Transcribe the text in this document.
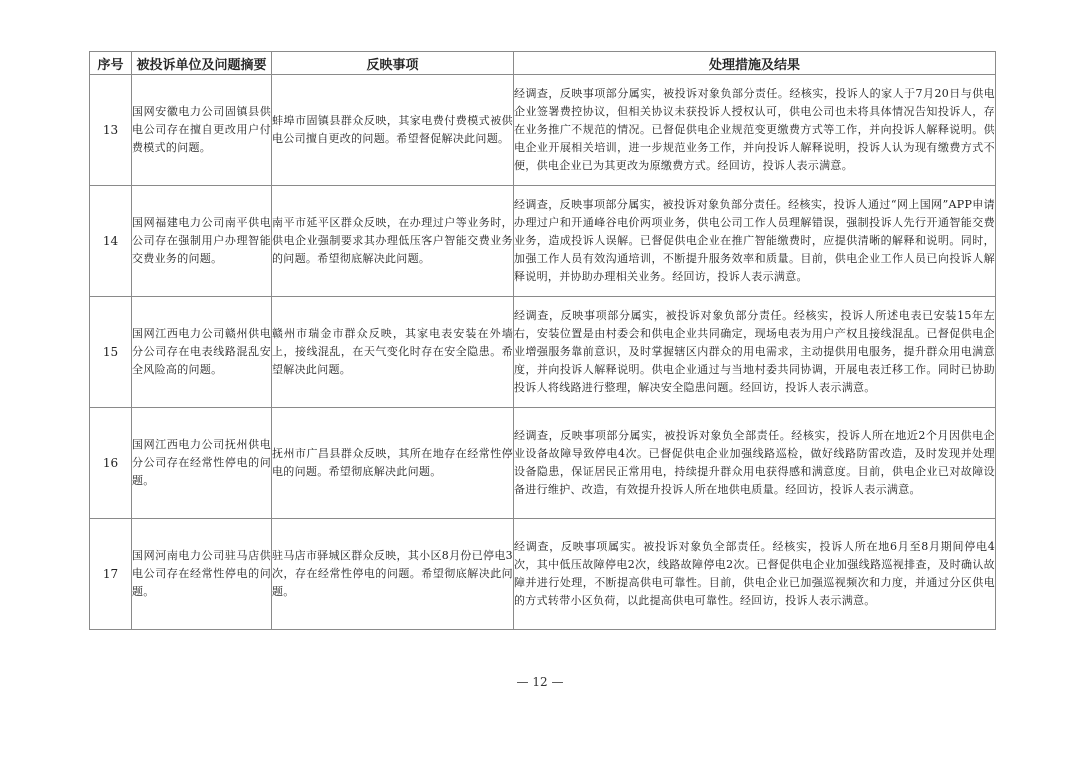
序号	被投诉单位及问题摘要	反映事项	处理措施及结果
13	国网安徽电力公司固镇县供电公司存在擅自更改用户付费模式的问题。	蚌埠市固镇县群众反映，其家电费付费模式被供电公司擅自更改的问题。希望督促解决此问题。	经调查，反映事项部分属实，被投诉对象负部分责任。经核实，投诉人的家人于7月20日与供电企业签署费控协议，但相关协议未获投诉人授权认可，供电公司也未将具体情况告知投诉人，存在业务推广不规范的情况。已督促供电企业规范变更缴费方式等工作，并向投诉人解释说明。供电企业开展相关培训，进一步规范业务工作，并向投诉人解释说明，投诉人认为现有缴费方式不便，供电企业已为其更改为原缴费方式。经回访，投诉人表示满意。
14	国网福建电力公司南平供电公司存在强制用户办理智能交费业务的问题。	南平市延平区群众反映，在办理过户等业务时，供电企业强制要求其办理低压客户智能交费业务的问题。希望彻底解决此问题。	经调查，反映事项部分属实，被投诉对象负部分责任。经核实，投诉人通过“网上国网”APP申请办理过户和开通峰谷电价两项业务，供电公司工作人员理解错误，强制投诉人先行开通智能交费业务，造成投诉人误解。已督促供电企业在推广智能缴费时，应提供清晰的解释和说明。同时，加强工作人员有效沟通培训，不断提升服务效率和质量。目前，供电企业工作人员已向投诉人解释说明，并协助办理相关业务。经回访，投诉人表示满意。
15	国网江西电力公司赣州供电分公司存在电表线路混乱安全风险高的问题。	赣州市瑞金市群众反映，其家电表安装在外墙上，接线混乱，在天气变化时存在安全隐患。希望解决此问题。	经调查，反映事项部分属实，被投诉对象负部分责任。经核实，投诉人所述电表已安装15年左右，安装位置是由村委会和供电企业共同确定，现场电表为用户产权且接线混乱。已督促供电企业增强服务靠前意识，及时掌握辖区内群众的用电需求，主动提供用电服务，提升群众用电满意度，并向投诉人解释说明。供电企业通过与当地村委共同协调，开展电表迁移工作。同时已协助投诉人将线路进行整理，解决安全隐患问题。经回访，投诉人表示满意。
16	国网江西电力公司抚州供电分公司存在经常性停电的问题。	抚州市广昌县群众反映，其所在地存在经常性停电的问题。希望彻底解决此问题。	经调查，反映事项部分属实，被投诉对象负全部责任。经核实，投诉人所在地近2个月因供电企业设备故障导致停电4次。已督促供电企业加强线路巡检，做好线路防雷改造，及时发现并处理设备隐患，保证居民正常用电，持续提升群众用电获得感和满意度。目前，供电企业已对故障设备进行维护、改造，有效提升投诉人所在地供电质量。经回访，投诉人表示满意。
17	国网河南电力公司驻马店供电公司存在经常性停电的问题。	驻马店市驿城区群众反映，其小区8月份已停电3次，存在经常性停电的问题。希望彻底解决此问题。	经调查，反映事项属实。被投诉对象负全部责任。经核实，投诉人所在地6月至8月期间停电4次，其中低压故障停电2次，线路故障停电2次。已督促供电企业加强线路巡视排查，及时确认故障并进行处理，不断提高供电可靠性。目前，供电企业已加强巡视频次和力度，并通过分区供电的方式转带小区负荷，以此提高供电可靠性。经回访，投诉人表示满意。
— 12 —
